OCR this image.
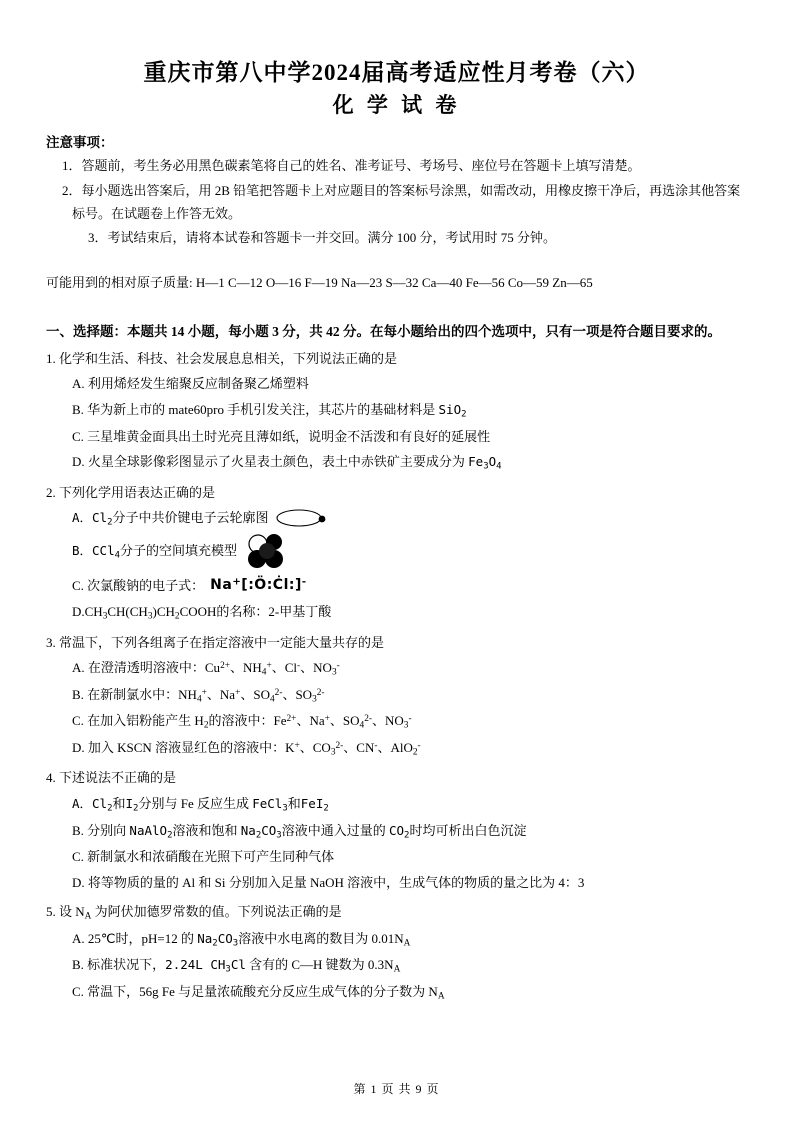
重庆市第八中学2024届高考适应性月考卷（六）
化 学 试 卷
注意事项：
1．答题前，考生务必用黑色碳素笔将自己的姓名、准考证号、考场号、座位号在答题卡上填写清楚。
2．每小题选出答案后，用 2B 铅笔把答题卡上对应题目的答案标号涂黑，如需改动，用橡皮擦干净后，再选涂其他答案标号。在试题卷上作答无效。
3．考试结束后，请将本试卷和答题卡一并交回。满分 100 分，考试用时 75 分钟。
可能用到的相对原子质量: H—1 C—12 O—16 F—19 Na—23 S—32 Ca—40 Fe—56 Co—59 Zn—65
一、选择题：本题共 14 小题，每小题 3 分，共 42 分。在每小题给出的四个选项中，只有一项是符合题目要求的。
1. 化学和生活、科技、社会发展息息相关，下列说法正确的是
A. 利用烯烃发生缩聚反应制备聚乙烯塑料
B. 华为新上市的 mate60pro 手机引发关注，其芯片的基础材料是 SiO$_2$
C. 三星堆黄金面具出土时光亮且薄如纸，说明金不活泼和有良好的延展性
D. 火星全球影像彩图显示了火星表土颜色，表土中赤铁矿主要成分为 $Fe_3O_4$
2. 下列化学用语表达正确的是
A．$Cl_2$分子中共价键电子云轮廓图
B．CCl$_4$分子的空间填充模型
C. 次氯酸钠的电子式： Na+[:Ö:Ċl:]-
$D.CH_3CH(CH_3)CH_2COOH$的名称：2-甲基丁酸
3. 常温下，下列各组离子在指定溶液中一定能大量共存的是
A. 在澄清透明溶液中：$Cu^{2+}$、$NH_4^+$、Cl-、$NO_3^-$
B. 在新制氯水中：$NH_4^+$、Na+、$SO_4^{2-}$、$SO_3^{2-}$
C. 在加入铝粉能产生 $H_2$的溶液中：$Fe^{2+}$、Na+、$SO_4^{2-}$、$NO_3^-$
D. 加入 KSCN 溶液显红色的溶液中：K+、$CO_3^{2-}$、CN-、AlO$_2$-
4. 下述说法不正确的是
A．$Cl_2$和$I_2$分别与 Fe 反应生成 FeCl$_3$和FeI$_2$
B. 分别向 NaAlO$_2$溶液和饱和 $Na_2CO_3$溶液中通入过量的 $CO_2$时均可析出白色沉淀
C. 新制氯水和浓硝酸在光照下可产生同种气体
D. 将等物质的量的 Al 和 Si 分别加入足量 NaOH 溶液中，生成气体的物质的量之比为 4：3
5. 设 $N_A$ 为阿伏加德罗常数的值。下列说法正确的是
A. 25℃时，pH=12 的 $Na_2CO_3$溶液中水电离的数目为 $0.01N_A$
B. 标准状况下，2.24L $CH_3Cl$ 含有的 C—H 键数为 $0.3N_A$
C. 常温下，56g Fe 与足量浓硫酸充分反应生成气体的分子数为 $N_A$
第 1 页 共 9 页
